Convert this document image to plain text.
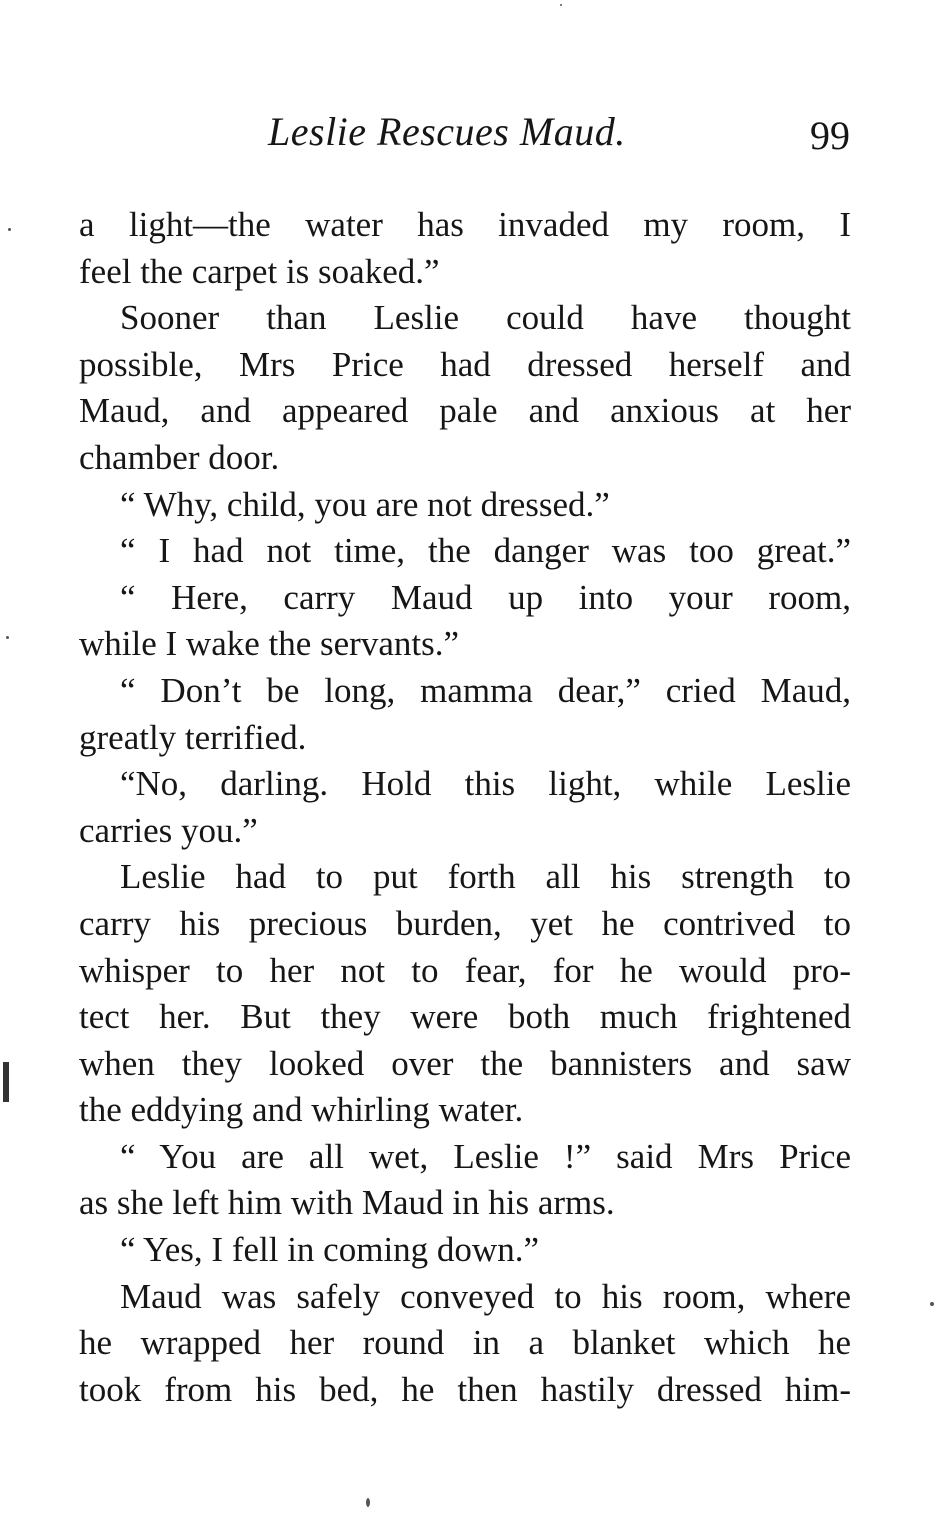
Leslie Rescues Maud.	99
a light—the water has invaded my room, I
feel the carpet is soaked.”
Sooner than Leslie could have thought
possible, Mrs Price had dressed herself and
Maud, and appeared pale and anxious at her
chamber door.
“ Why, child, you are not dressed.”
“ I had not time, the danger was too great.”
“ Here, carry Maud up into your room,
while I wake the servants.”
“ Don’t be long, mamma dear,” cried Maud,
greatly terrified.
“No, darling. Hold this light, while Leslie
carries you.”
Leslie had to put forth all his strength to
carry his precious burden, yet he contrived to
whisper to her not to fear, for he would pro-
tect her. But they were both much frightened
when they looked over the bannisters and saw
the eddying and whirling water.
“ You are all wet, Leslie !” said Mrs Price
as she left him with Maud in his arms.
“ Yes, I fell in coming down.”
Maud was safely conveyed to his room, where
he wrapped her round in a blanket which he
took from his bed, he then hastily dressed him-
